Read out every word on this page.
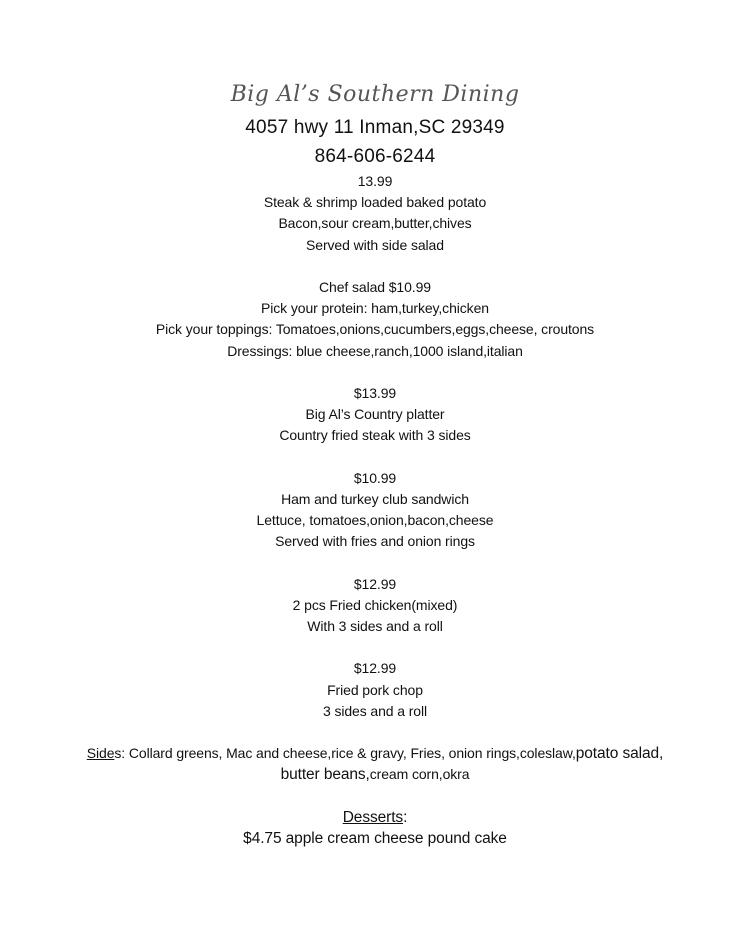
Big Al’s Southern Dining
4057 hwy 11 Inman,SC 29349
864-606-6244
13.99
Steak & shrimp loaded baked potato
Bacon,sour cream,butter,chives
Served with side salad
Chef salad $10.99
Pick your protein: ham,turkey,chicken
Pick your toppings: Tomatoes,onions,cucumbers,eggs,cheese, croutons
Dressings: blue cheese,ranch,1000 island,italian
$13.99
Big Al’s Country platter
Country fried steak with 3 sides
$10.99
Ham and turkey club sandwich
Lettuce, tomatoes,onion,bacon,cheese
Served with fries and onion rings
$12.99
2 pcs Fried chicken(mixed)
With 3 sides and a roll
$12.99
Fried pork chop
3 sides and a roll
Sides: Collard greens, Mac and cheese,rice & gravy, Fries, onion rings,coleslaw,potato salad,
butter beans,cream corn,okra
Desserts:
$4.75 apple cream cheese pound cake
